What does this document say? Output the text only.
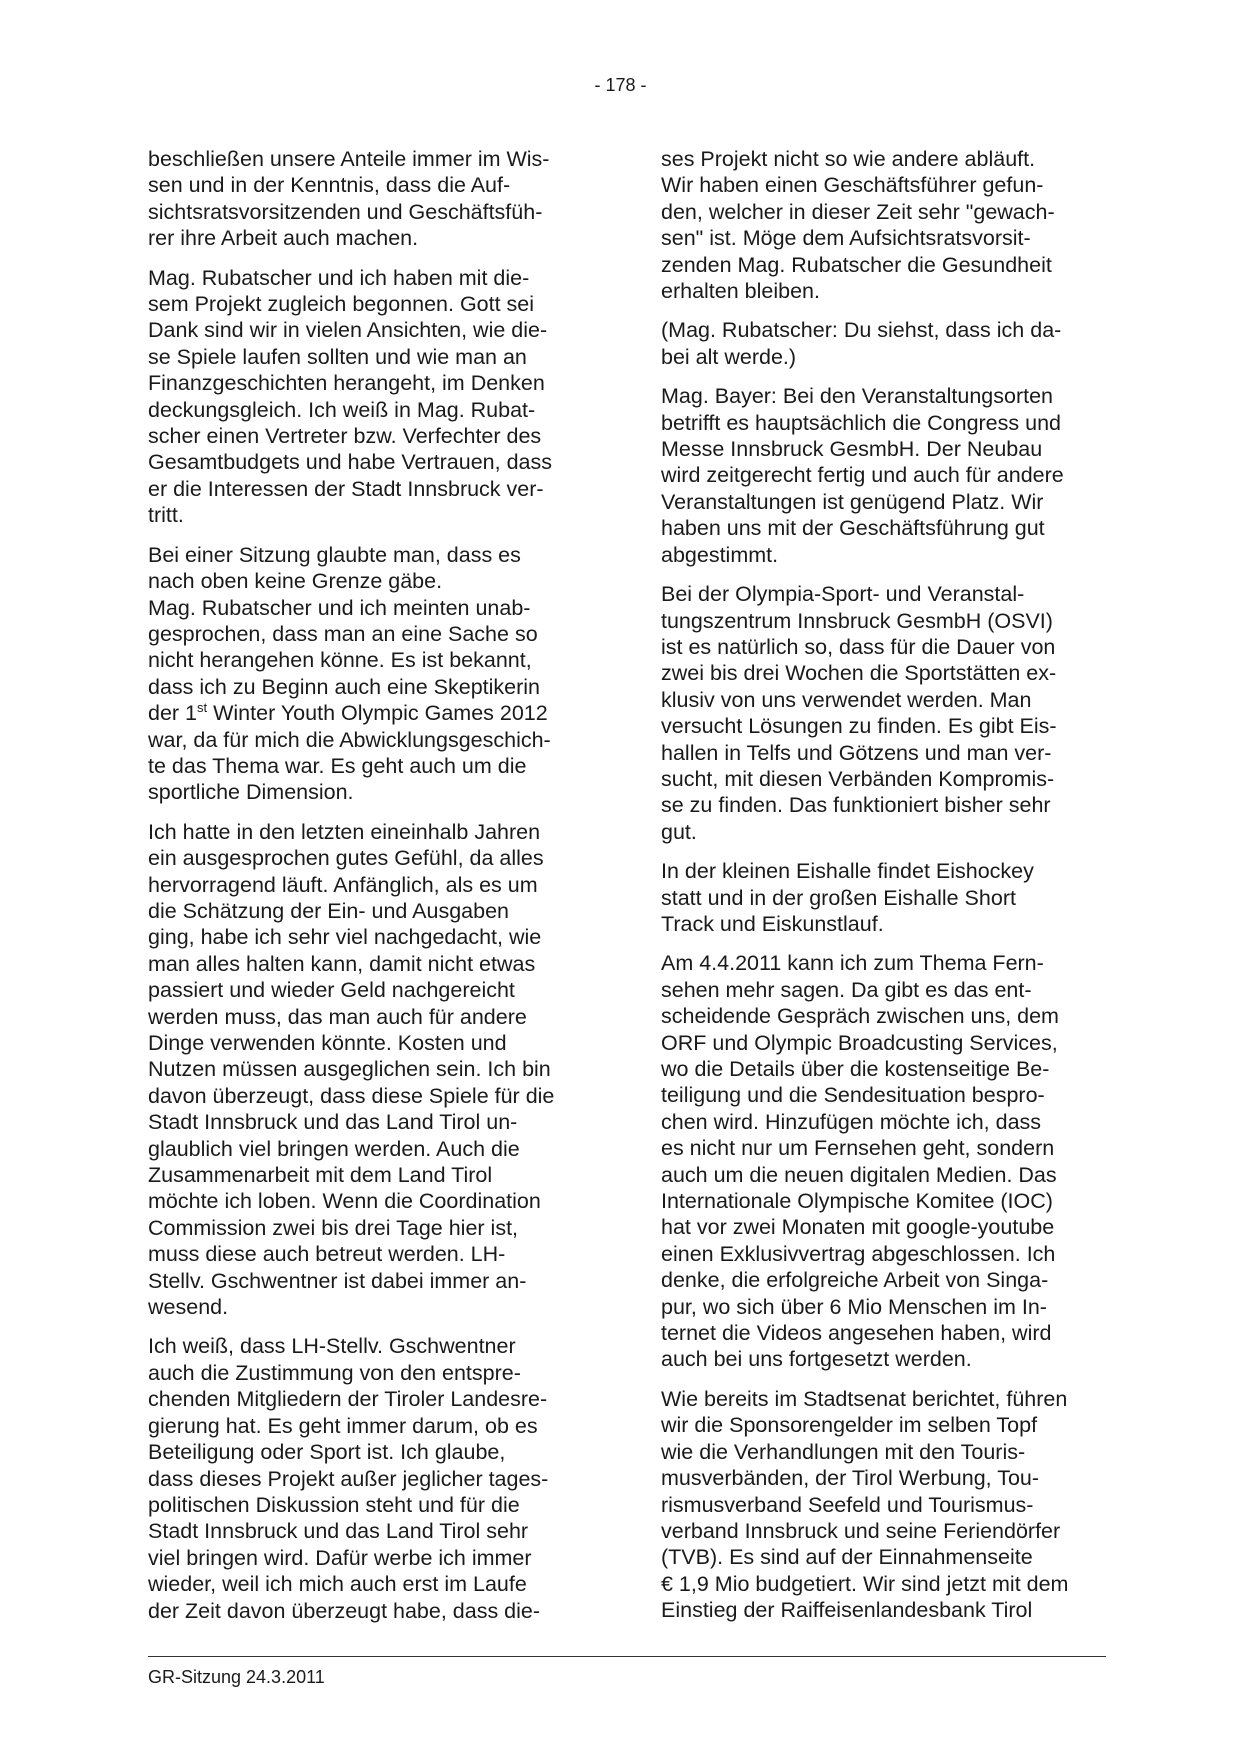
- 178 -

beschließen unsere Anteile immer im Wis-
sen und in der Kenntnis, dass die Auf-
sichtsratsvorsitzenden und Geschäftsfüh-
rer ihre Arbeit auch machen.

Mag. Rubatscher und ich haben mit die-
sem Projekt zugleich begonnen. Gott sei
Dank sind wir in vielen Ansichten, wie die-
se Spiele laufen sollten und wie man an
Finanzgeschichten herangeht, im Denken
deckungsgleich. Ich weiß in Mag. Rubat-
scher einen Vertreter bzw. Verfechter des
Gesamtbudgets und habe Vertrauen, dass
er die Interessen der Stadt Innsbruck ver-
tritt.

Bei einer Sitzung glaubte man, dass es
nach oben keine Grenze gäbe.
Mag. Rubatscher und ich meinten unab-
gesprochen, dass man an eine Sache so
nicht herangehen könne. Es ist bekannt,
dass ich zu Beginn auch eine Skeptikerin
der 1st Winter Youth Olympic Games 2012
war, da für mich die Abwicklungsgeschich-
te das Thema war. Es geht auch um die
sportliche Dimension.

Ich hatte in den letzten eineinhalb Jahren
ein ausgesprochen gutes Gefühl, da alles
hervorragend läuft. Anfänglich, als es um
die Schätzung der Ein- und Ausgaben
ging, habe ich sehr viel nachgedacht, wie
man alles halten kann, damit nicht etwas
passiert und wieder Geld nachgereicht
werden muss, das man auch für andere
Dinge verwenden könnte. Kosten und
Nutzen müssen ausgeglichen sein. Ich bin
davon überzeugt, dass diese Spiele für die
Stadt Innsbruck und das Land Tirol un-
glaublich viel bringen werden. Auch die
Zusammenarbeit mit dem Land Tirol
möchte ich loben. Wenn die Coordination
Commission zwei bis drei Tage hier ist,
muss diese auch betreut werden. LH-
Stellv. Gschwentner ist dabei immer an-
wesend.

Ich weiß, dass LH-Stellv. Gschwentner
auch die Zustimmung von den entspre-
chenden Mitgliedern der Tiroler Landesre-
gierung hat. Es geht immer darum, ob es
Beteiligung oder Sport ist. Ich glaube,
dass dieses Projekt außer jeglicher tages-
politischen Diskussion steht und für die
Stadt Innsbruck und das Land Tirol sehr
viel bringen wird. Dafür werbe ich immer
wieder, weil ich mich auch erst im Laufe
der Zeit davon überzeugt habe, dass die-

ses Projekt nicht so wie andere abläuft.
Wir haben einen Geschäftsführer gefun-
den, welcher in dieser Zeit sehr "gewach-
sen" ist. Möge dem Aufsichtsratsvorsit-
zenden Mag. Rubatscher die Gesundheit
erhalten bleiben.

(Mag. Rubatscher: Du siehst, dass ich da-
bei alt werde.)

Mag. Bayer: Bei den Veranstaltungsorten
betrifft es hauptsächlich die Congress und
Messe Innsbruck GesmbH. Der Neubau
wird zeitgerecht fertig und auch für andere
Veranstaltungen ist genügend Platz. Wir
haben uns mit der Geschäftsführung gut
abgestimmt.

Bei der Olympia-Sport- und Veranstal-
tungszentrum Innsbruck GesmbH (OSVI)
ist es natürlich so, dass für die Dauer von
zwei bis drei Wochen die Sportstätten ex-
klusiv von uns verwendet werden. Man
versucht Lösungen zu finden. Es gibt Eis-
hallen in Telfs und Götzens und man ver-
sucht, mit diesen Verbänden Kompromis-
se zu finden. Das funktioniert bisher sehr
gut.

In der kleinen Eishalle findet Eishockey
statt und in der großen Eishalle Short
Track und Eiskunstlauf.

Am 4.4.2011 kann ich zum Thema Fern-
sehen mehr sagen. Da gibt es das ent-
scheidende Gespräch zwischen uns, dem
ORF und Olympic Broadcusting Services,
wo die Details über die kostenseitige Be-
teiligung und die Sendesituation bespro-
chen wird. Hinzufügen möchte ich, dass
es nicht nur um Fernsehen geht, sondern
auch um die neuen digitalen Medien. Das
Internationale Olympische Komitee (IOC)
hat vor zwei Monaten mit google-youtube
einen Exklusivvertrag abgeschlossen. Ich
denke, die erfolgreiche Arbeit von Singa-
pur, wo sich über 6 Mio Menschen im In-
ternet die Videos angesehen haben, wird
auch bei uns fortgesetzt werden.

Wie bereits im Stadtsenat berichtet, führen
wir die Sponsorengelder im selben Topf
wie die Verhandlungen mit den Touris-
musverbänden, der Tirol Werbung, Tou-
rismusverband Seefeld und Tourismus-
verband Innsbruck und seine Feriendörfer
(TVB). Es sind auf der Einnahmenseite
€ 1,9 Mio budgetiert. Wir sind jetzt mit dem
Einstieg der Raiffeisenlandesbank Tirol

GR-Sitzung 24.3.2011
